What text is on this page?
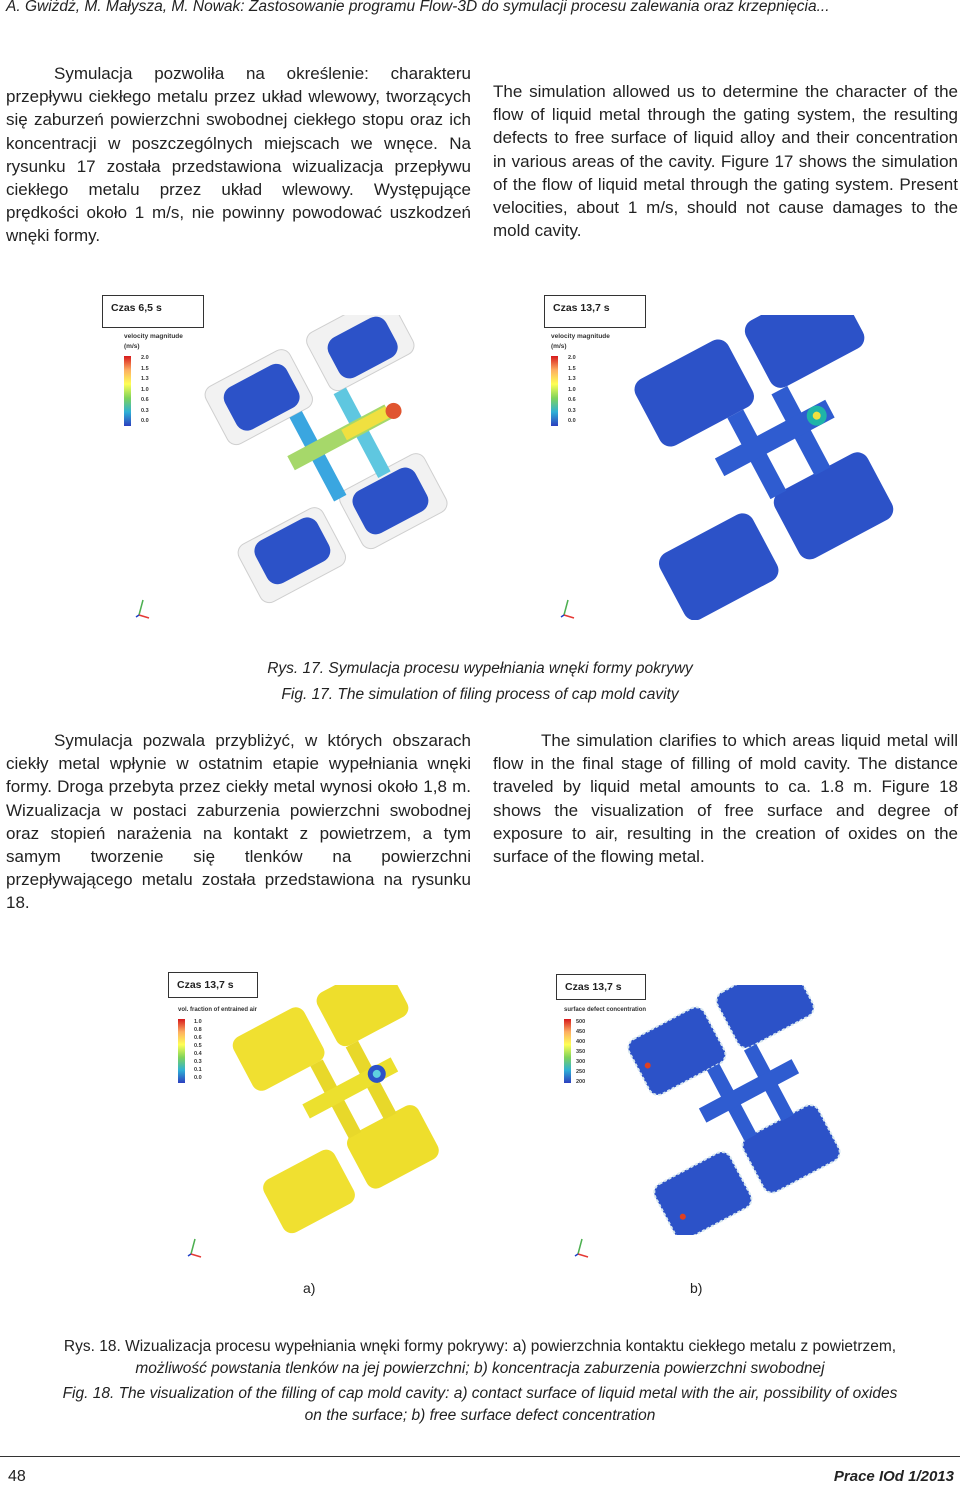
A. Gwiżdż, M. Małysza, M. Nowak: Zastosowanie programu Flow-3D do symulacji procesu zalewania oraz krzepnięcia...

Symulacja pozwoliła na określenie: charakteru przepływu ciekłego metalu przez układ wlewowy, tworzących się zaburzeń powierzchni swobodnej ciekłego stopu oraz ich koncentracji w poszczególnych miejscach we wnęce. Na rysunku 17 została przedstawiona wizualizacja przepływu ciekłego metalu przez układ wlewowy. Występujące prędkości około 1 m/s, nie powinny powodować uszkodzeń wnęki formy.

The simulation allowed us to determine the character of the flow of liquid metal through the gating system, the resulting defects to free surface of liquid alloy and their concentration in various areas of the cavity. Figure 17 shows the simulation of the flow of liquid metal through the gating system. Present velocities, about 1 m/s, should not cause damages to the mold cavity.

Czas 6,5 s	Czas 13,7 s
velocity magnitude
(m/s)
2.0
1.5
1.3
1.0
0.6
0.3
0.0
velocity magnitude
(m/s)
2.0
1.5
1.3
1.0
0.6
0.3
0.0
Rys. 17. Symulacja procesu wypełniania wnęki formy pokrywy
Fig. 17. The simulation of filing process of cap mold cavity

Symulacja pozwala przybliżyć, w których obszarach ciekły metal wpłynie w ostatnim etapie wypełniania wnęki formy. Droga przebyta przez ciekły metal wynosi około 1,8 m. Wizualizacja w postaci zaburzenia powierzchni swobodnej oraz stopień narażenia na kontakt z powietrzem, a tym samym tworzenie się tlenków na powierzchni przepływającego metalu została przedstawiona na rysunku 18.

The simulation clarifies to which areas liquid metal will flow in the final stage of filling of mold cavity. The distance traveled by liquid metal amounts to ca. 1.8 m. Figure 18 shows the visualization of free surface and degree of exposure to air, resulting in the creation of oxides on the surface of the flowing metal.

Czas 13,7 s	Czas 13,7 s
vol. fraction of entrained air
1.0
0.8
0.6
0.5
0.4
0.3
0.1
0.0
surface defect concentration
500
450
400
350
300
250
200
a)	b)
Rys. 18. Wizualizacja procesu wypełniania wnęki formy pokrywy: a) powierzchnia kontaktu ciekłego metalu z powietrzem,
możliwość powstania tlenków na jej powierzchni; b) koncentracja zaburzenia powierzchni swobodnej
Fig. 18. The visualization of the filling of cap mold cavity: a) contact surface of liquid metal with the air, possibility of oxides
on the surface; b) free surface defect concentration
48	Prace IOd 1/2013
